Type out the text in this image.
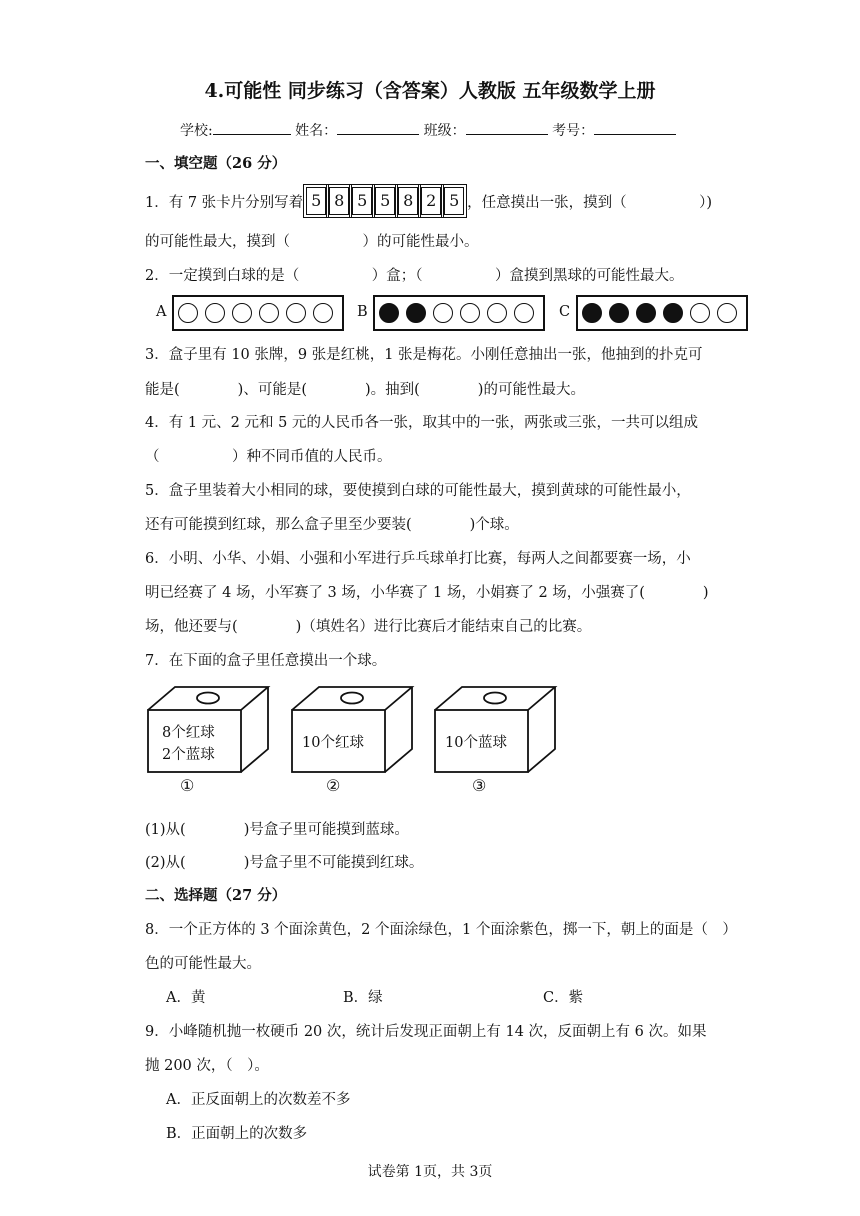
4.可能性 同步练习（含答案）人教版 五年级数学上册
学校:	姓名：	班级：	考号：
一、填空题（26 分）
1．有 7 张卡片分别写着 5 8 5 5 8 2 5 ，任意摸出一张，摸到（　　　　　）)
的可能性最大，摸到（　　　　　）的可能性最小。
2．一定摸到白球的是（　　　　　）盒；（　　　　　）盒摸到黑球的可能性最大。
A	B	C
3．盒子里有 10 张牌，9 张是红桃，1 张是梅花。小刚任意抽出一张，他抽到的扑克可
能是(　　　　)、可能是(　　　　)。抽到(　　　　)的可能性最大。
4．有 1 元、2 元和 5 元的人民币各一张，取其中的一张，两张或三张，一共可以组成
（　　　　　）种不同币值的人民币。
5．盒子里装着大小相同的球，要使摸到白球的可能性最大，摸到黄球的可能性最小，
还有可能摸到红球，那么盒子里至少要装(　　　　)个球。
6．小明、小华、小娟、小强和小军进行乒乓球单打比赛，每两人之间都要赛一场，小
明已经赛了 4 场，小军赛了 3 场，小华赛了 1 场，小娟赛了 2 场，小强赛了(　　　　)
场，他还要与(　　　　)（填姓名）进行比赛后才能结束自己的比赛。
7．在下面的盒子里任意摸出一个球。
8个红球
2个蓝球
10个红球	10个蓝球
①	②	③
(1)从(　　　　)号盒子里可能摸到蓝球。
(2)从(　　　　)号盒子里不可能摸到红球。
二、选择题（27 分）
8．一个正方体的 3 个面涂黄色，2 个面涂绿色，1 个面涂紫色，掷一下，朝上的面是（　）
色的可能性最大。
A．黄	B．绿	C．紫
9．小峰随机抛一枚硬币 20 次，统计后发现正面朝上有 14 次，反面朝上有 6 次。如果
抛 200 次，（　）。
A．正反面朝上的次数差不多
B．正面朝上的次数多
试卷第 1页，共 3页
